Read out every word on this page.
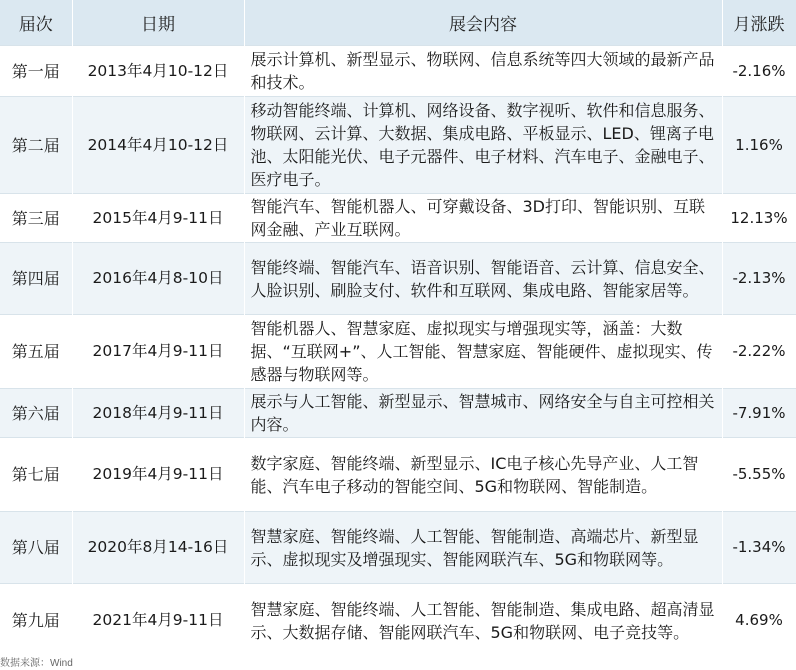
届次	日期	展会内容	月涨跌
第一届	2013年4月10-12日	展示计算机、新型显示、物联网、信息系统等四大领域的最新产品和技术。	-2.16%
第二届	2014年4月10-12日	移动智能终端、计算机、网络设备、数字视听、软件和信息服务、物联网、云计算、大数据、集成电路、平板显示、LED、锂离子电池、太阳能光伏、电子元器件、电子材料、汽车电子、金融电子、医疗电子。	1.16%
第三届	2015年4月9-11日	智能汽车、智能机器人、可穿戴设备、3D打印、智能识别、互联网金融、产业互联网。	12.13%
第四届	2016年4月8-10日	智能终端、智能汽车、语音识别、智能语音、云计算、信息安全、人脸识别、刷脸支付、软件和互联网、集成电路、智能家居等。	-2.13%
第五届	2017年4月9-11日	智能机器人、智慧家庭、虚拟现实与增强现实等，涵盖：大数据、“互联网+”、人工智能、智慧家庭、智能硬件、虚拟现实、传感器与物联网等。	-2.22%
第六届	2018年4月9-11日	展示与人工智能、新型显示、智慧城市、网络安全与自主可控相关内容。	-7.91%
第七届	2019年4月9-11日	数字家庭、智能终端、新型显示、IC电子核心先导产业、人工智能、汽车电子移动的智能空间、5G和物联网、智能制造。	-5.55%
第八届	2020年8月14-16日	智慧家庭、智能终端、人工智能、智能制造、高端芯片、新型显示、虚拟现实及增强现实、智能网联汽车、5G和物联网等。	-1.34%
第九届	2021年4月9-11日	智慧家庭、智能终端、人工智能、智能制造、集成电路、超高清显示、大数据存储、智能网联汽车、5G和物联网、电子竞技等。	4.69%
数据来源：Wind
